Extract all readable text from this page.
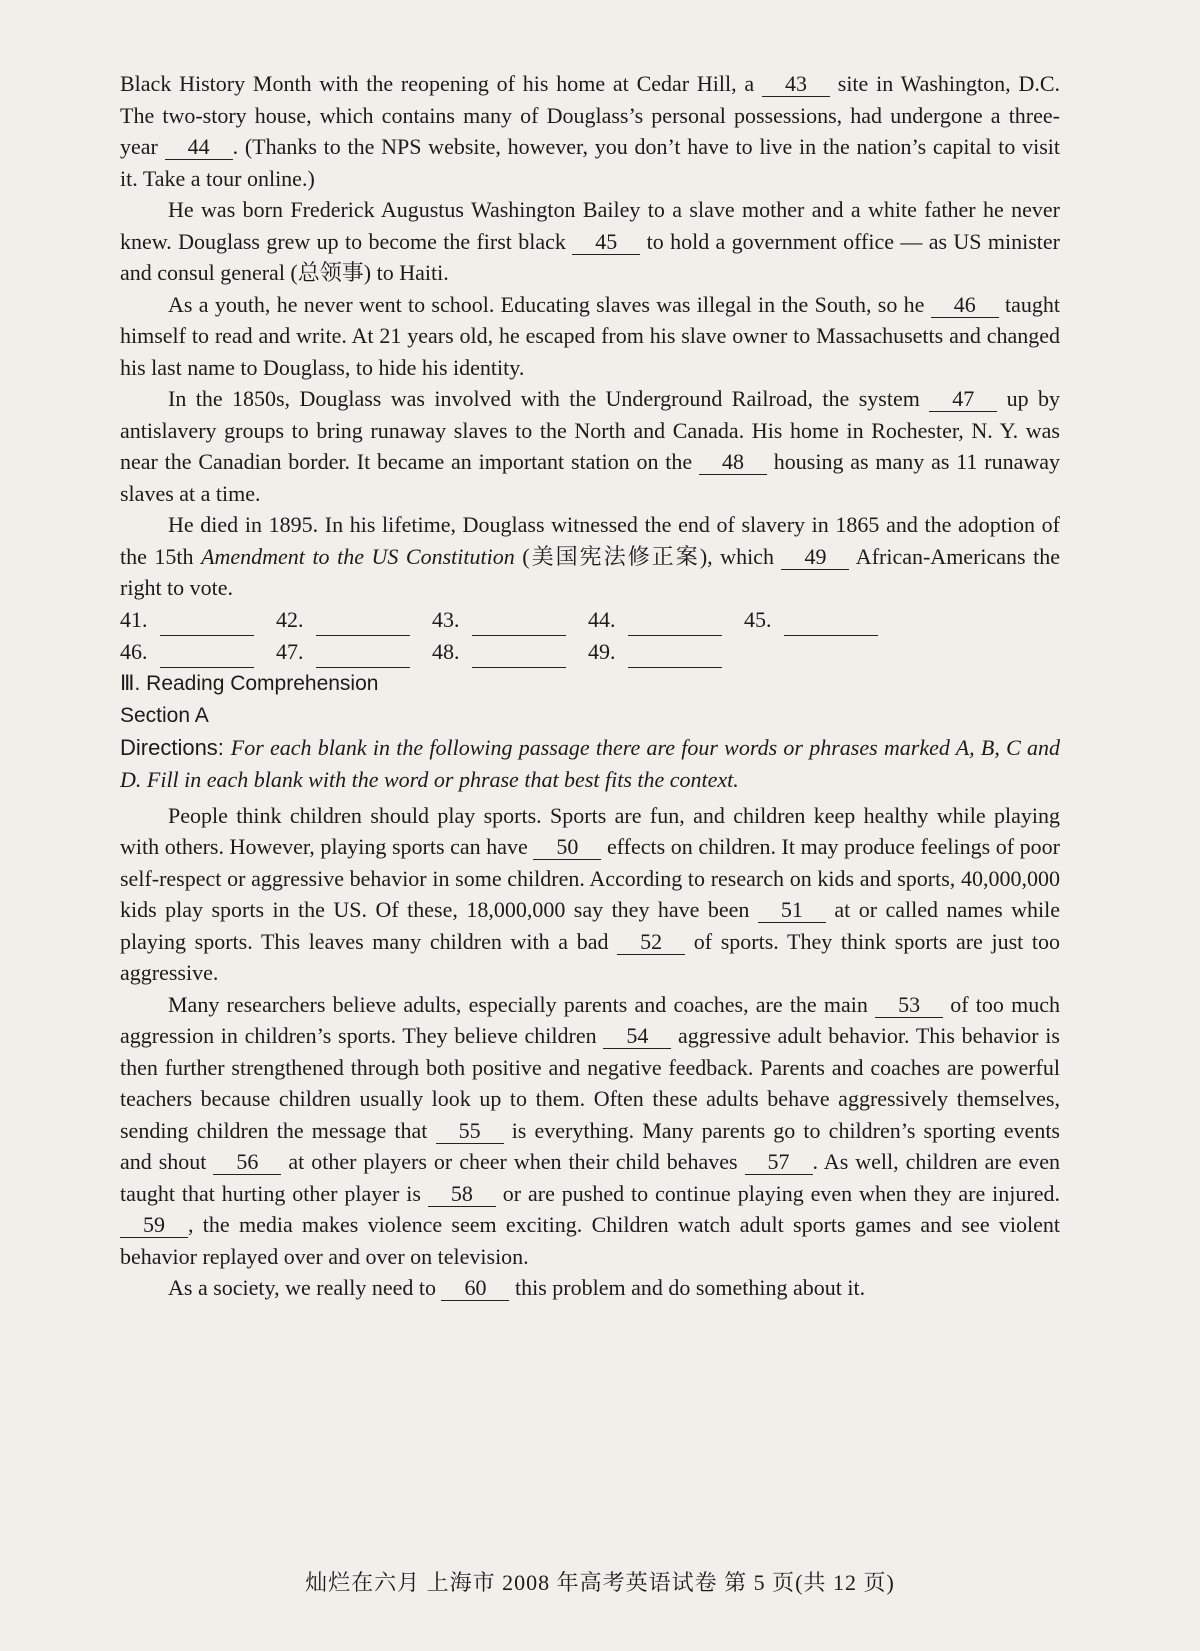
Black History Month with the reopening of his home at Cedar Hill, a 43 site in Washington, D.C. The two-story house, which contains many of Douglass’s personal possessions, had undergone a three-year 44 . (Thanks to the NPS website, however, you don’t have to live in the nation’s capital to visit it. Take a tour online.)

He was born Frederick Augustus Washington Bailey to a slave mother and a white father he never knew. Douglass grew up to become the first black 45 to hold a government office — as US minister and consul general (总领事) to Haiti.

As a youth, he never went to school. Educating slaves was illegal in the South, so he 46 taught himself to read and write. At 21 years old, he escaped from his slave owner to Massachusetts and changed his last name to Douglass, to hide his identity.

In the 1850s, Douglass was involved with the Underground Railroad, the system 47 up by antislavery groups to bring runaway slaves to the North and Canada. His home in Rochester, N. Y. was near the Canadian border. It became an important station on the 48 housing as many as 11 runaway slaves at a time.

He died in 1895. In his lifetime, Douglass witnessed the end of slavery in 1865 and the adoption of the 15th Amendment to the US Constitution (美国宪法修正案), which 49 African-Americans the right to vote.

41.	42.	43.	44.	45.
46.	47.	48.	49.

Ⅲ. Reading Comprehension

Section A

Directions: For each blank in the following passage there are four words or phrases marked A, B, C and D. Fill in each blank with the word or phrase that best fits the context.

People think children should play sports. Sports are fun, and children keep healthy while playing with others. However, playing sports can have 50 effects on children. It may produce feelings of poor self-respect or aggressive behavior in some children. According to research on kids and sports, 40,000,000 kids play sports in the US. Of these, 18,000,000 say they have been 51 at or called names while playing sports. This leaves many children with a bad 52 of sports. They think sports are just too aggressive.

Many researchers believe adults, especially parents and coaches, are the main 53 of too much aggression in children’s sports. They believe children 54 aggressive adult behavior. This behavior is then further strengthened through both positive and negative feedback. Parents and coaches are powerful teachers because children usually look up to them. Often these adults behave aggressively themselves, sending children the message that 55 is everything. Many parents go to children’s sporting events and shout 56 at other players or cheer when their child behaves 57 . As well, children are even taught that hurting other player is 58 or are pushed to continue playing even when they are injured. 59 , the media makes violence seem exciting. Children watch adult sports games and see violent behavior replayed over and over on television.

As a society, we really need to 60 this problem and do something about it.

灿烂在六月 上海市 2008 年高考英语试卷 第 5 页(共 12 页)
